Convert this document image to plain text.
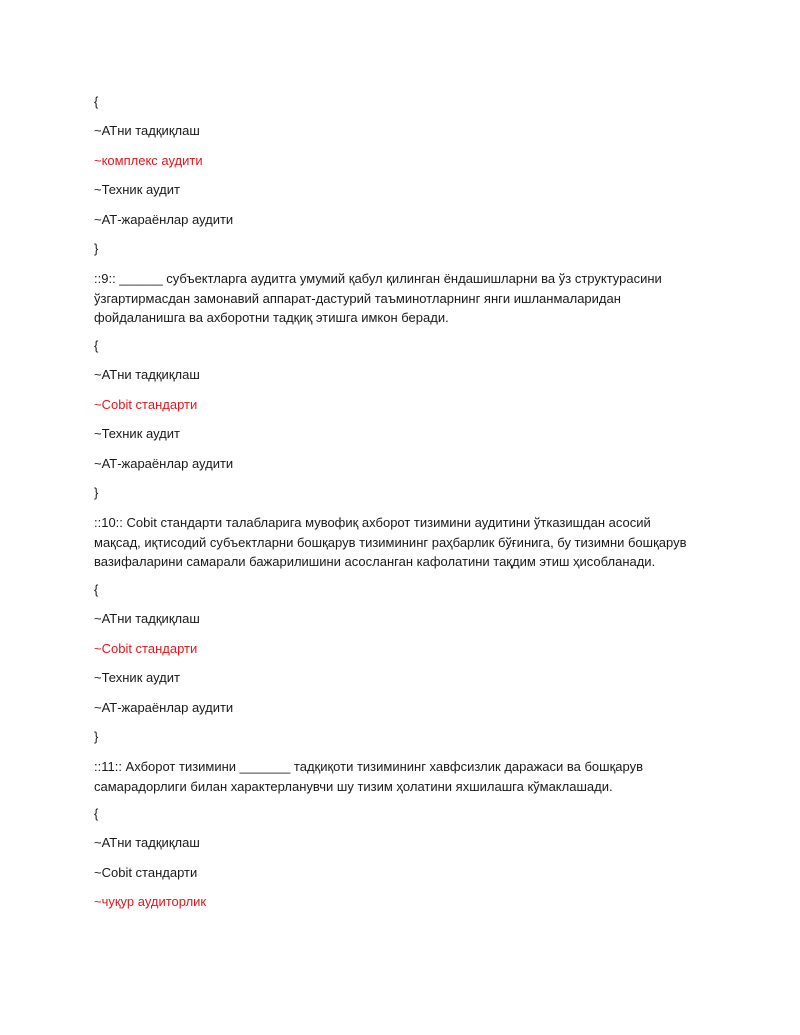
{
~АТни тадқиқлаш
~комплекс аудити
~Техник аудит
~АТ-жараёнлар аудити
}
::9:: ______ субъектларга аудитга умумий қабул қилинган ёндашишларни ва ўз структурасини ўзгартирмасдан замонавий аппарат-дастурий таъминотларнинг янги ишланмаларидан фойдаланишга ва ахборотни тадқиқ этишга имкон беради.
{
~АТни тадқиқлаш
~Cobit стандарти
~Техник аудит
~АТ-жараёнлар аудити
}
::10:: Cobit стандарти талабларига мувофиқ ахборот тизимини аудитини ўтказишдан асосий мақсад, иқтисодий субъектларни бошқарув тизимининг раҳбарлик бўғинига, бу тизимни бошқарув вазифаларини самарали бажарилишини асосланган кафолатини тақдим этиш ҳисобланади.
{
~АТни тадқиқлаш
~Cobit стандарти
~Техник аудит
~АТ-жараёнлар аудити
}
::11:: Ахборот тизимини _______ тадқиқоти тизимининг хавфсизлик даражаси ва бошқарув самарадорлиги билан характерланувчи шу тизим ҳолатини яхшилашга кўмаклашади.
{
~АТни тадқиқлаш
~Cobit стандарти
~чуқур аудиторлик
